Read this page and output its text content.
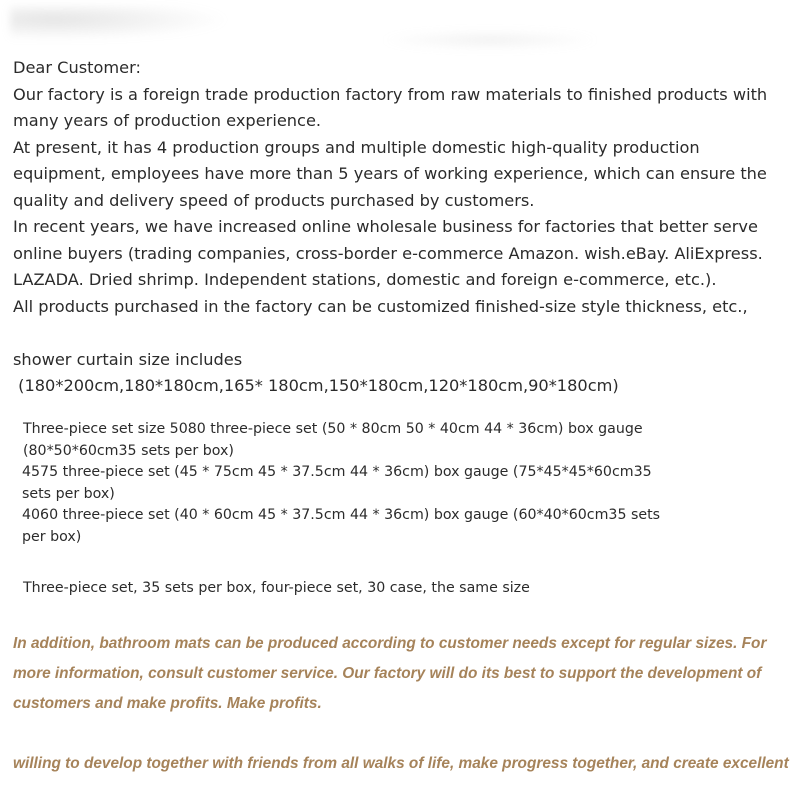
Dear Customer:

Our factory is a foreign trade production factory from raw materials to finished products with many years of production experience.

At present, it has 4 production groups and multiple domestic high-quality production equipment, employees have more than 5 years of working experience, which can ensure the quality and delivery speed of products purchased by customers.

In recent years, we have increased online wholesale business for factories that better serve online buyers (trading companies, cross-border e-commerce Amazon. wish.eBay. AliExpress. LAZADA. Dried shrimp. Independent stations, domestic and foreign e-commerce, etc.).

All products purchased in the factory can be customized finished-size style thickness, etc.,

shower curtain size includes

(180*200cm,180*180cm,165* 180cm,150*180cm,120*180cm,90*180cm)

Three-piece set size 5080 three-piece set (50 * 80cm 50 * 40cm 44 * 36cm) box gauge (80*50*60cm35 sets per box)

4575 three-piece set (45 * 75cm 45 * 37.5cm 44 * 36cm) box gauge (75*45*45*60cm35 sets per box)

4060 three-piece set (40 * 60cm 45 * 37.5cm 44 * 36cm) box gauge (60*40*60cm35 sets per box)

Three-piece set, 35 sets per box, four-piece set, 30 case, the same size

In addition, bathroom mats can be produced according to customer needs except for regular sizes. For more information, consult customer service. Our factory will do its best to support the development of customers and make profits. Make profits.

willing to develop together with friends from all walks of life, make progress together, and create excellent
